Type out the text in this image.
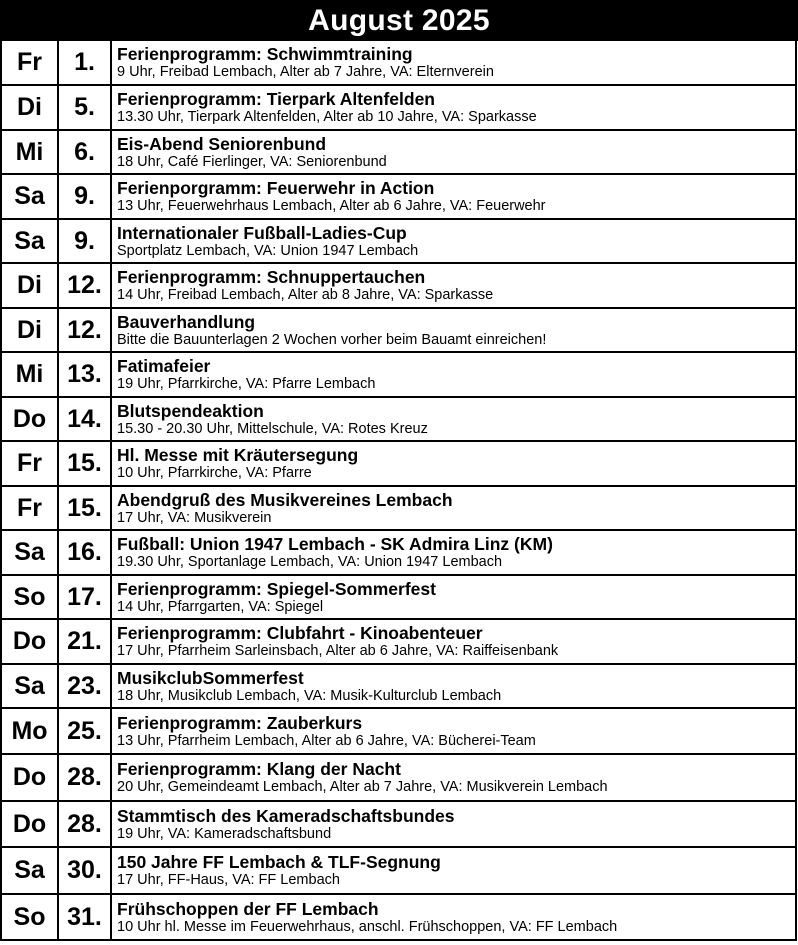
August 2025
Fr	1.	Ferienprogramm: Schwimmtraining
9 Uhr, Freibad Lembach, Alter ab 7 Jahre, VA: Elternverein

Di	5.	Ferienprogramm: Tierpark Altenfelden
13.30 Uhr, Tierpark Altenfelden, Alter ab 10 Jahre, VA: Sparkasse

Mi	6.	Eis-Abend Seniorenbund
18 Uhr, Café Fierlinger, VA: Seniorenbund

Sa	9.	Ferienporgramm: Feuerwehr in Action
13 Uhr, Feuerwehrhaus Lembach, Alter ab 6 Jahre, VA: Feuerwehr

Sa	9.	Internationaler Fußball-Ladies-Cup
Sportplatz Lembach, VA: Union 1947 Lembach

Di	12.	Ferienprogramm: Schnuppertauchen
14 Uhr, Freibad Lembach, Alter ab 8 Jahre, VA: Sparkasse

Di	12.	Bauverhandlung
Bitte die Bauunterlagen 2 Wochen vorher beim Bauamt einreichen!

Mi	13.	Fatimafeier
19 Uhr, Pfarrkirche, VA: Pfarre Lembach

Do	14.	Blutspendeaktion
15.30 - 20.30 Uhr, Mittelschule, VA: Rotes Kreuz

Fr	15.	Hl. Messe mit Kräutersegung
10 Uhr, Pfarrkirche, VA: Pfarre

Fr	15.	Abendgruß des Musikvereines Lembach
17 Uhr, VA: Musikverein

Sa	16.	Fußball: Union 1947 Lembach - SK Admira Linz (KM)
19.30 Uhr, Sportanlage Lembach, VA: Union 1947 Lembach

So	17.	Ferienprogramm: Spiegel-Sommerfest
14 Uhr, Pfarrgarten, VA: Spiegel

Do	21.	Ferienprogramm: Clubfahrt - Kinoabenteuer
17 Uhr, Pfarrheim Sarleinsbach, Alter ab 6 Jahre, VA: Raiffeisenbank

Sa	23.	MusikclubSommerfest
18 Uhr, Musikclub Lembach, VA: Musik-Kulturclub Lembach

Mo	25.	Ferienprogramm: Zauberkurs
13 Uhr, Pfarrheim Lembach, Alter ab 6 Jahre, VA: Bücherei-Team

Do	28.	Ferienprogramm: Klang der Nacht
20 Uhr, Gemeindeamt Lembach, Alter ab 7 Jahre, VA: Musikverein Lembach

Do	28.	Stammtisch des Kameradschaftsbundes
19 Uhr, VA: Kameradschaftsbund

Sa	30.	150 Jahre FF Lembach & TLF-Segnung
17 Uhr, FF-Haus, VA: FF Lembach

So	31.	Frühschoppen der FF Lembach
10 Uhr hl. Messe im Feuerwehrhaus, anschl. Frühschoppen, VA: FF Lembach
